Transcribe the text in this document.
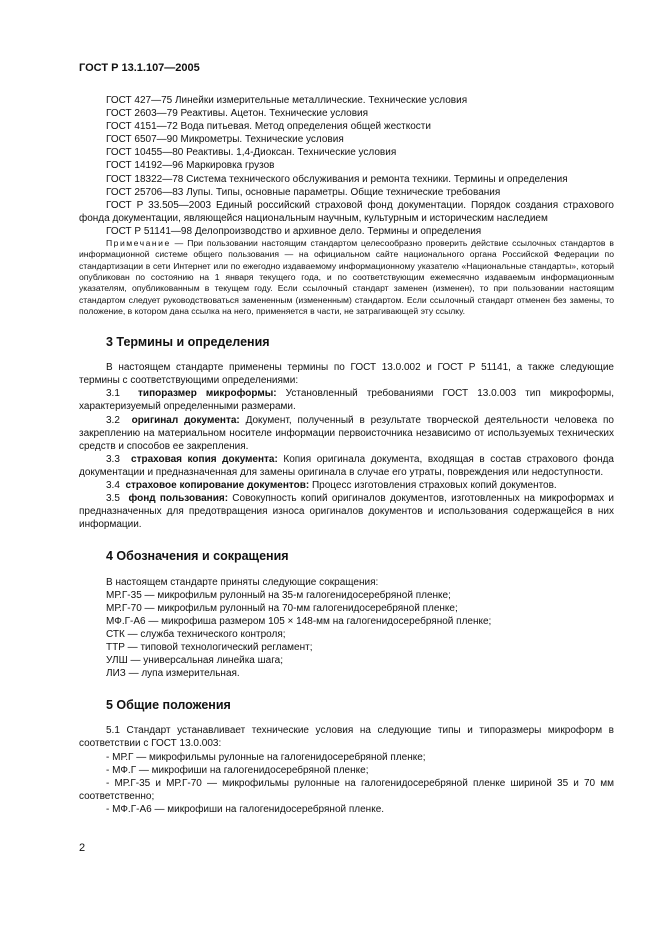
ГОСТ Р 13.1.107—2005

ГОСТ 427—75 Линейки измерительные металлические. Технические условия

ГОСТ 2603—79 Реактивы. Ацетон. Технические условия

ГОСТ 4151—72 Вода питьевая. Метод определения общей жесткости

ГОСТ 6507—90 Микрометры. Технические условия

ГОСТ 10455—80 Реактивы. 1,4-Диоксан. Технические условия

ГОСТ 14192—96 Маркировка грузов

ГОСТ 18322—78 Система технического обслуживания и ремонта техники. Термины и определения

ГОСТ 25706—83 Лупы. Типы, основные параметры. Общие технические требования

ГОСТ Р 33.505—2003 Единый российский страховой фонд документации. Порядок создания страхового фонда документации, являющейся национальным научным, культурным и историческим наследием

ГОСТ Р 51141—98 Делопроизводство и архивное дело. Термины и определения

Примечание — При пользовании настоящим стандартом целесообразно проверить действие ссылочных стандартов в информационной системе общего пользования — на официальном сайте национального органа Российской Федерации по стандартизации в сети Интернет или по ежегодно издаваемому информационному указателю «Национальные стандарты», который опубликован по состоянию на 1 января текущего года, и по соответствующим ежемесячно издаваемым информационным указателям, опубликованным в текущем году. Если ссылочный стандарт заменен (изменен), то при пользовании настоящим стандартом следует руководствоваться замененным (измененным) стандартом. Если ссылочный стандарт отменен без замены, то положение, в котором дана ссылка на него, применяется в части, не затрагивающей эту ссылку.

3 Термины и определения

В настоящем стандарте применены термины по ГОСТ 13.0.002 и ГОСТ Р 51141, а также следующие термины с соответствующими определениями:

3.1 типоразмер микроформы: Установленный требованиями ГОСТ 13.0.003 тип микроформы, характеризуемый определенными размерами.

3.2 оригинал документа: Документ, полученный в результате творческой деятельности человека по закреплению на материальном носителе информации первоисточника независимо от используемых технических средств и способов ее закрепления.

3.3 страховая копия документа: Копия оригинала документа, входящая в состав страхового фонда документации и предназначенная для замены оригинала в случае его утраты, повреждения или недоступности.

3.4 страховое копирование документов: Процесс изготовления страховых копий документов.

3.5 фонд пользования: Совокупность копий оригиналов документов, изготовленных на микроформах и предназначенных для предотвращения износа оригиналов документов и использования содержащейся в них информации.

4 Обозначения и сокращения

В настоящем стандарте приняты следующие сокращения:

МР.Г-35 — микрофильм рулонный на 35-м галогенидосеребряной пленке;

МР.Г-70 — микрофильм рулонный на 70-мм галогенидосеребряной пленке;

МФ.Г-А6 — микрофиша размером 105 × 148-мм на галогенидосеребряной пленке;

СТК — служба технического контроля;

ТТР — типовой технологический регламент;

УЛШ — универсальная линейка шага;

ЛИЗ — лупа измерительная.

5 Общие положения

5.1 Стандарт устанавливает технические условия на следующие типы и типоразмеры микроформ в соответствии с ГОСТ 13.0.003:

- МР.Г — микрофильмы рулонные на галогенидосеребряной пленке;

- МФ.Г — микрофиши на галогенидосеребряной пленке;

- МР.Г-35 и МР.Г-70 — микрофильмы рулонные на галогенидосеребряной пленке шириной 35 и 70 мм соответственно;

- МФ.Г-А6 — микрофиши на галогенидосеребряной пленке.

2
